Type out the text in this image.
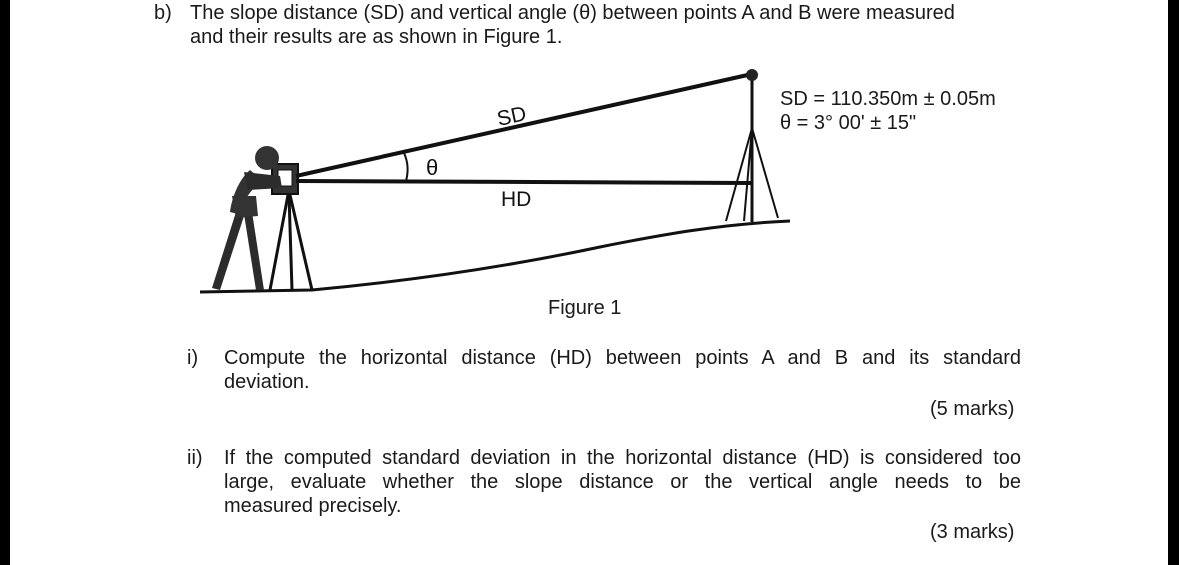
b) The slope distance (SD) and vertical angle (θ) between points A and B were measured
and their results are as shown in Figure 1.
SD
HD
θ
SD = 110.350m ± 0.05m
θ = 3° 00' ± 15"
Figure 1
i) Compute the horizontal distance (HD) between points A and B and its standard
deviation.
(5 marks)
ii) If the computed standard deviation in the horizontal distance (HD) is considered too
large, evaluate whether the slope distance or the vertical angle needs to be
measured precisely.
(3 marks)
